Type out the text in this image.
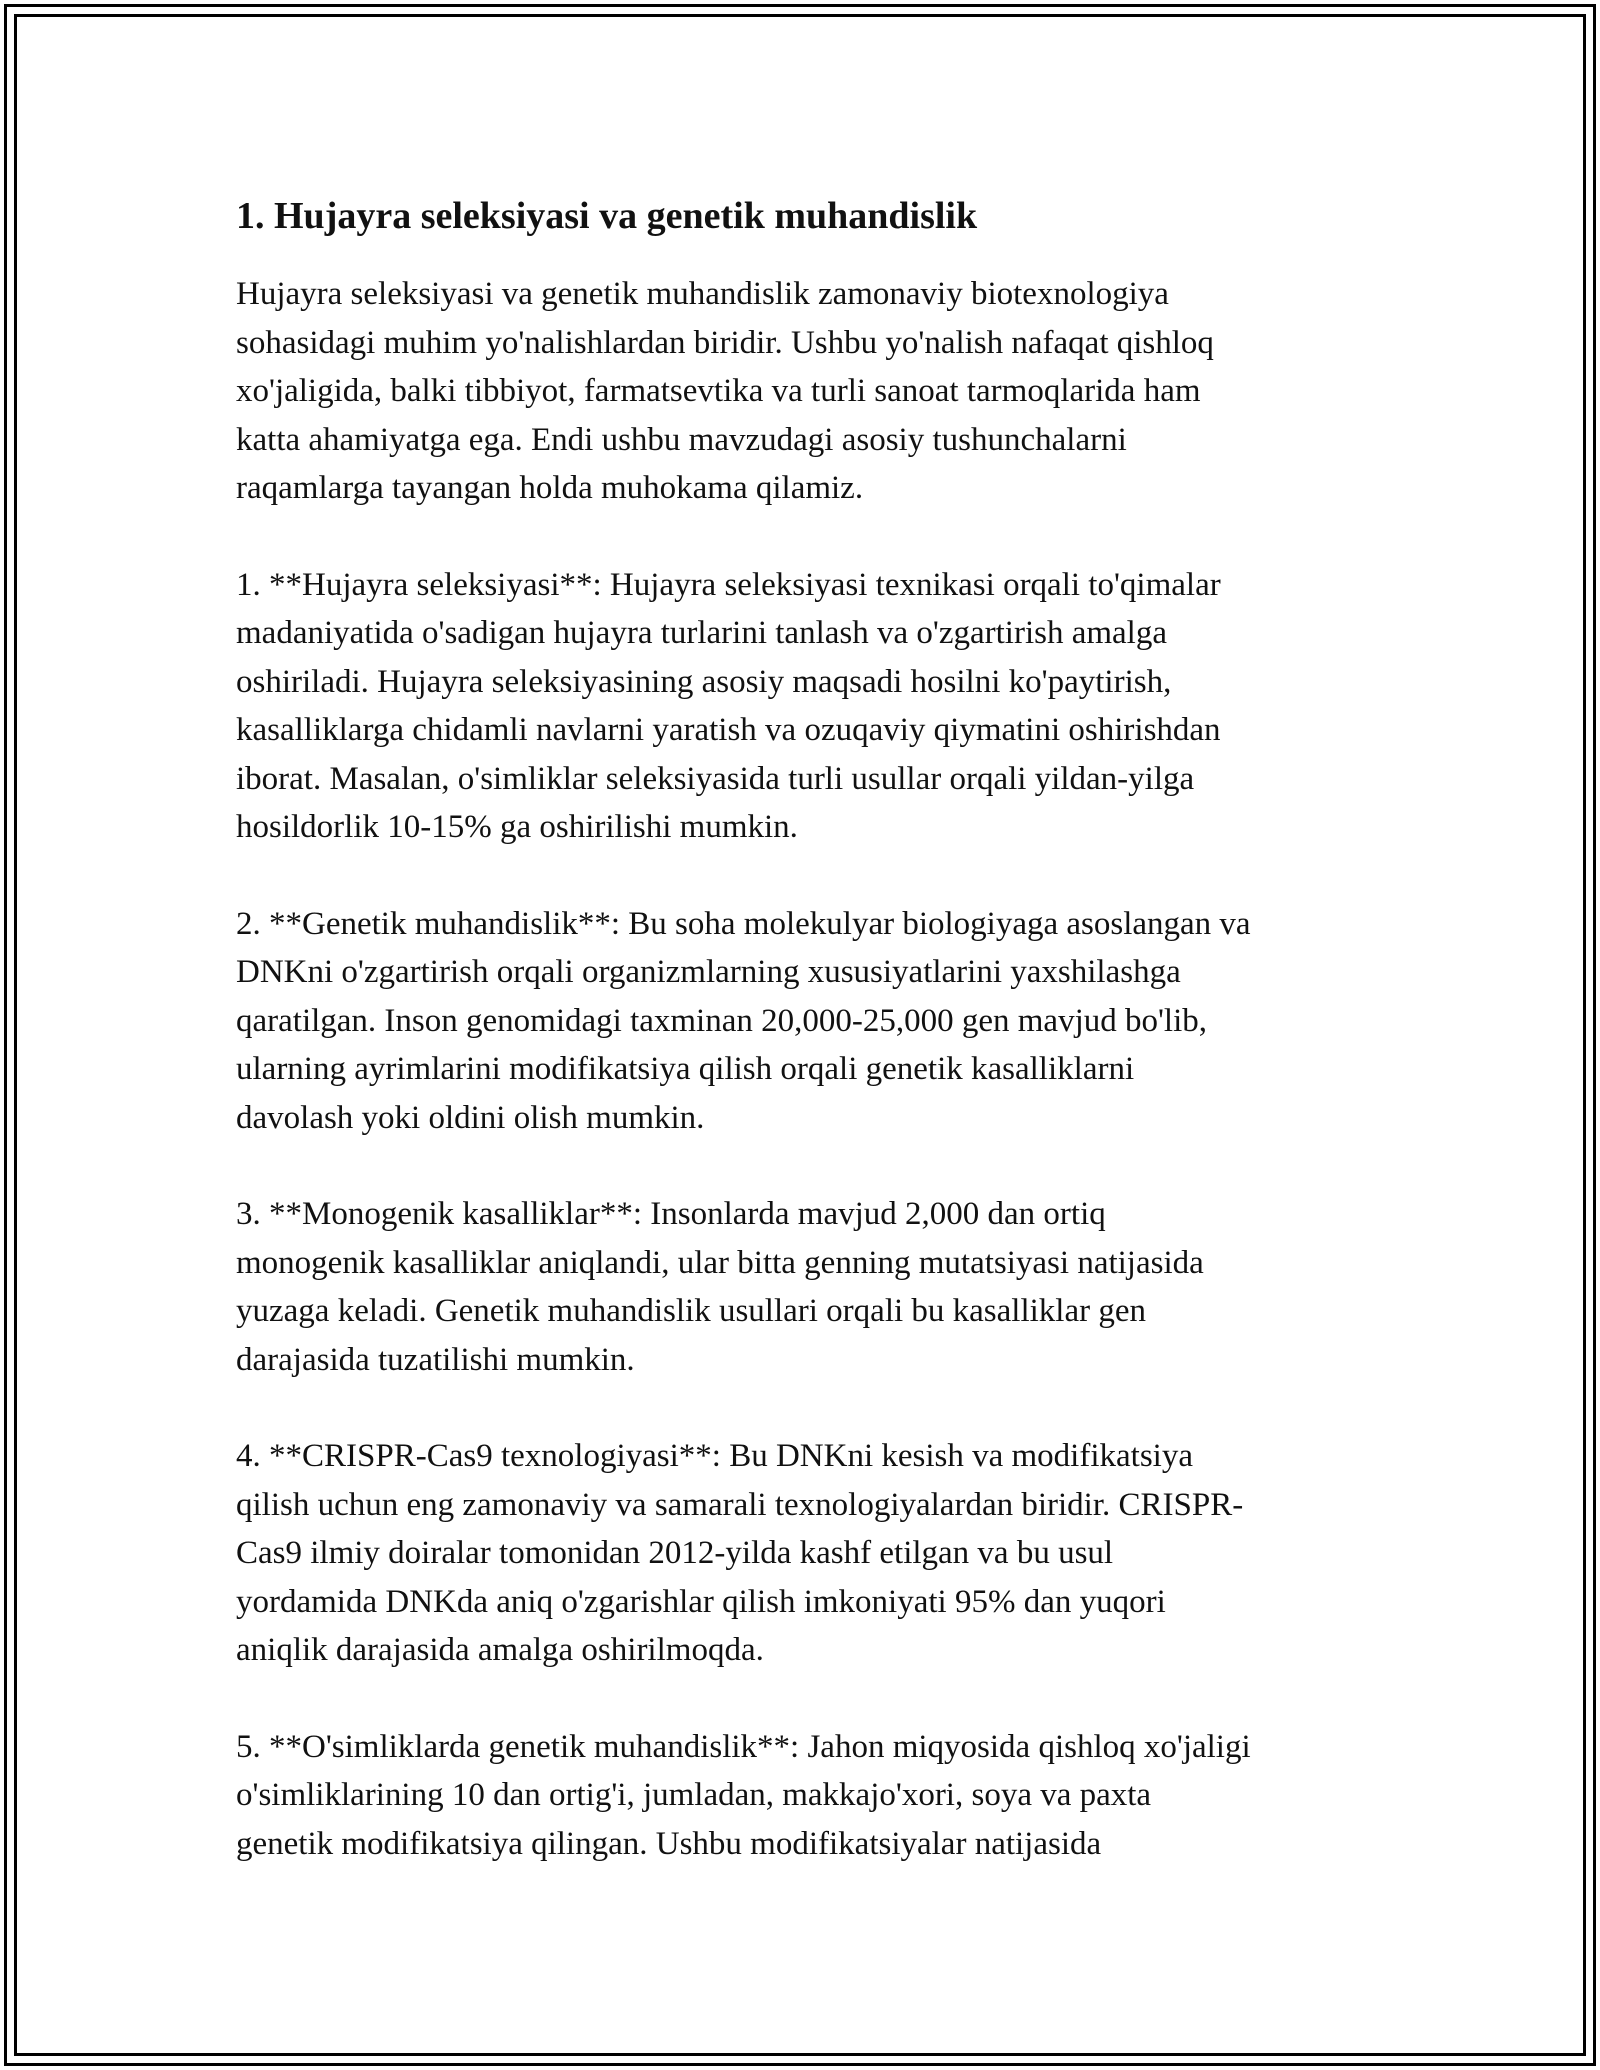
1. Hujayra seleksiyasi va genetik muhandislik
Hujayra seleksiyasi va genetik muhandislik zamonaviy biotexnologiya
sohasidagi muhim yo'nalishlardan biridir. Ushbu yo'nalish nafaqat qishloq
xo'jaligida, balki tibbiyot, farmatsevtika va turli sanoat tarmoqlarida ham
katta ahamiyatga ega. Endi ushbu mavzudagi asosiy tushunchalarni
raqamlarga tayangan holda muhokama qilamiz.
1. **Hujayra seleksiyasi**: Hujayra seleksiyasi texnikasi orqali to'qimalar
madaniyatida o'sadigan hujayra turlarini tanlash va o'zgartirish amalga
oshiriladi. Hujayra seleksiyasining asosiy maqsadi hosilni ko'paytirish,
kasalliklarga chidamli navlarni yaratish va ozuqaviy qiymatini oshirishdan
iborat. Masalan, o'simliklar seleksiyasida turli usullar orqali yildan-yilga
hosildorlik 10-15% ga oshirilishi mumkin.
2. **Genetik muhandislik**: Bu soha molekulyar biologiyaga asoslangan va
DNKni o'zgartirish orqali organizmlarning xususiyatlarini yaxshilashga
qaratilgan. Inson genomidagi taxminan 20,000-25,000 gen mavjud bo'lib,
ularning ayrimlarini modifikatsiya qilish orqali genetik kasalliklarni
davolash yoki oldini olish mumkin.
3. **Monogenik kasalliklar**: Insonlarda mavjud 2,000 dan ortiq
monogenik kasalliklar aniqlandi, ular bitta genning mutatsiyasi natijasida
yuzaga keladi. Genetik muhandislik usullari orqali bu kasalliklar gen
darajasida tuzatilishi mumkin.
4. **CRISPR-Cas9 texnologiyasi**: Bu DNKni kesish va modifikatsiya
qilish uchun eng zamonaviy va samarali texnologiyalardan biridir. CRISPR-
Cas9 ilmiy doiralar tomonidan 2012-yilda kashf etilgan va bu usul
yordamida DNKda aniq o'zgarishlar qilish imkoniyati 95% dan yuqori
aniqlik darajasida amalga oshirilmoqda.
5. **O'simliklarda genetik muhandislik**: Jahon miqyosida qishloq xo'jaligi
o'simliklarining 10 dan ortig'i, jumladan, makkajo'xori, soya va paxta
genetik modifikatsiya qilingan. Ushbu modifikatsiyalar natijasida
